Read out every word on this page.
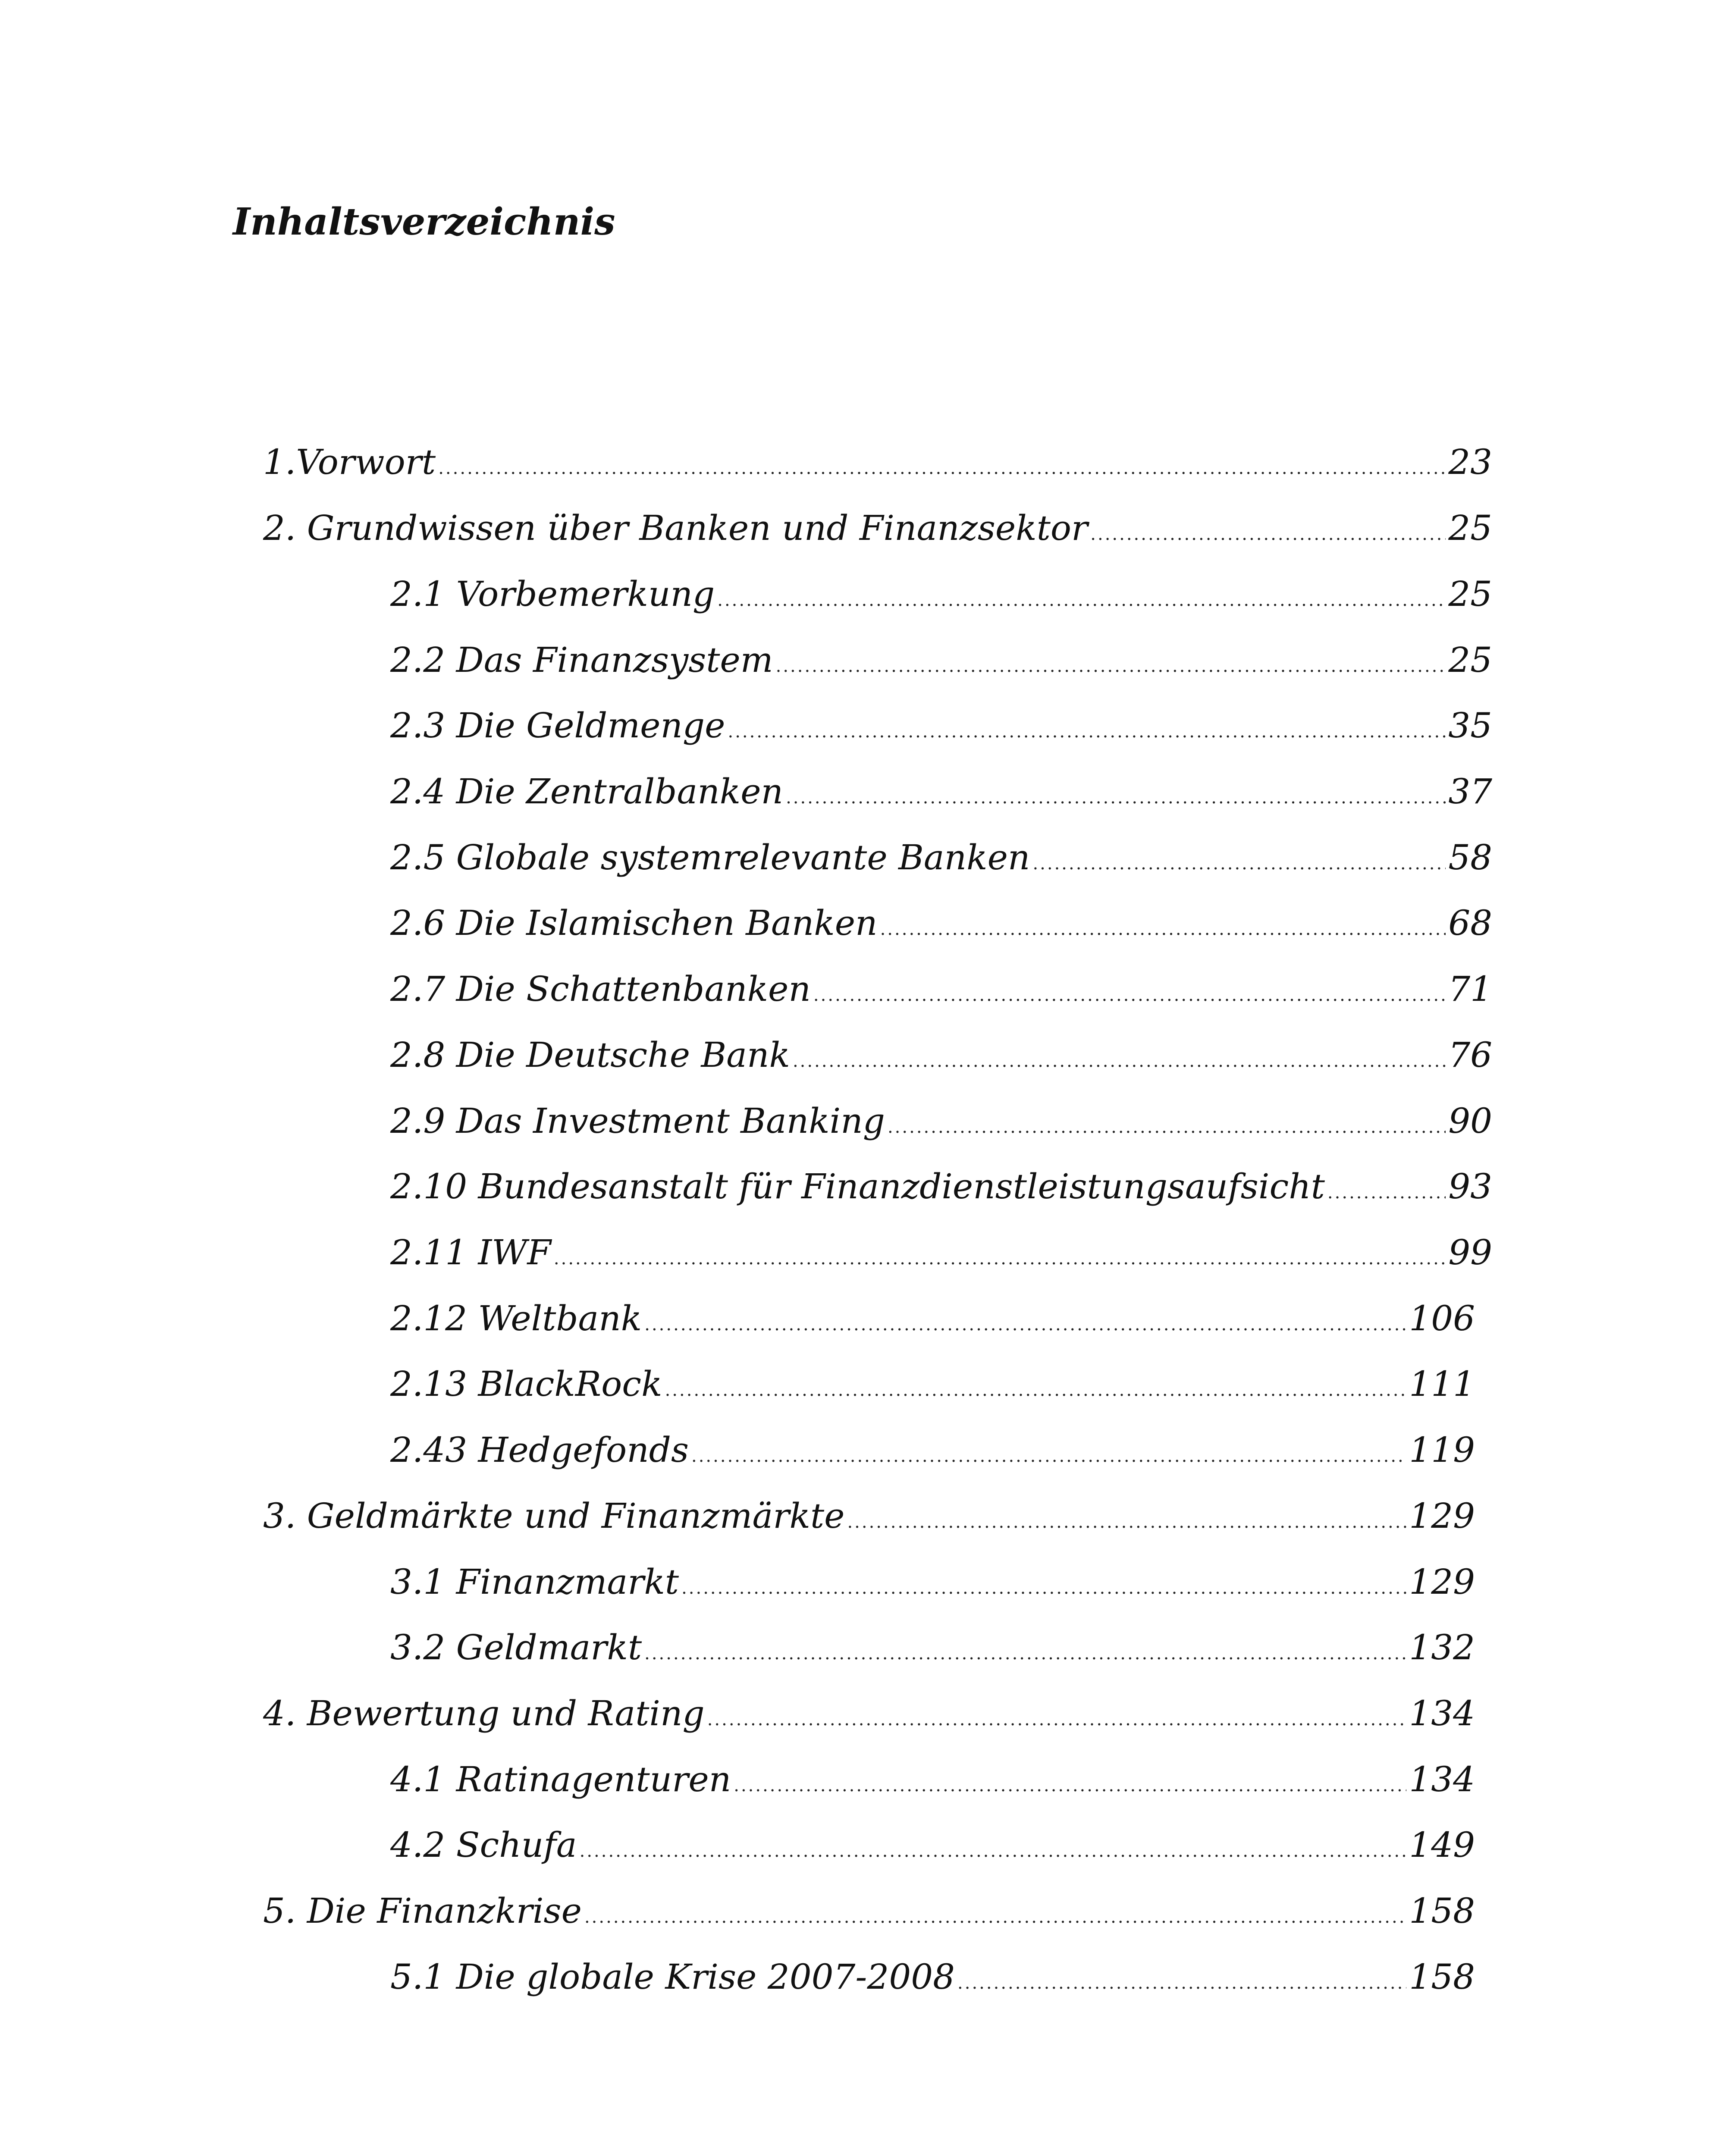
Inhaltsverzeichnis
1.Vorwort .....	23
2. Grundwissen über Banken und Finanzsektor .....	25
2.1 Vorbemerkung .....	25
2.2 Das Finanzsystem .....	25
2.3 Die Geldmenge .....	35
2.4 Die Zentralbanken .....	37
2.5 Globale systemrelevante Banken .....	58
2.6 Die Islamischen Banken .....	68
2.7 Die Schattenbanken .....	71
2.8 Die Deutsche Bank .....	76
2.9 Das Investment Banking .....	90
2.10 Bundesanstalt für Finanzdienstleistungsaufsicht .....	93
2.11 IWF .....	99
2.12 Weltbank .....	106
2.13 BlackRock .....	111
2.43 Hedgefonds .....	119
3. Geldmärkte und Finanzmärkte .....	129
3.1 Finanzmarkt .....	129
3.2 Geldmarkt .....	132
4. Bewertung und Rating .....	134
4.1 Ratinagenturen .....	134
4.2 Schufa .....	149
5. Die Finanzkrise .....	158
5.1 Die globale Krise 2007-2008 .....	158
